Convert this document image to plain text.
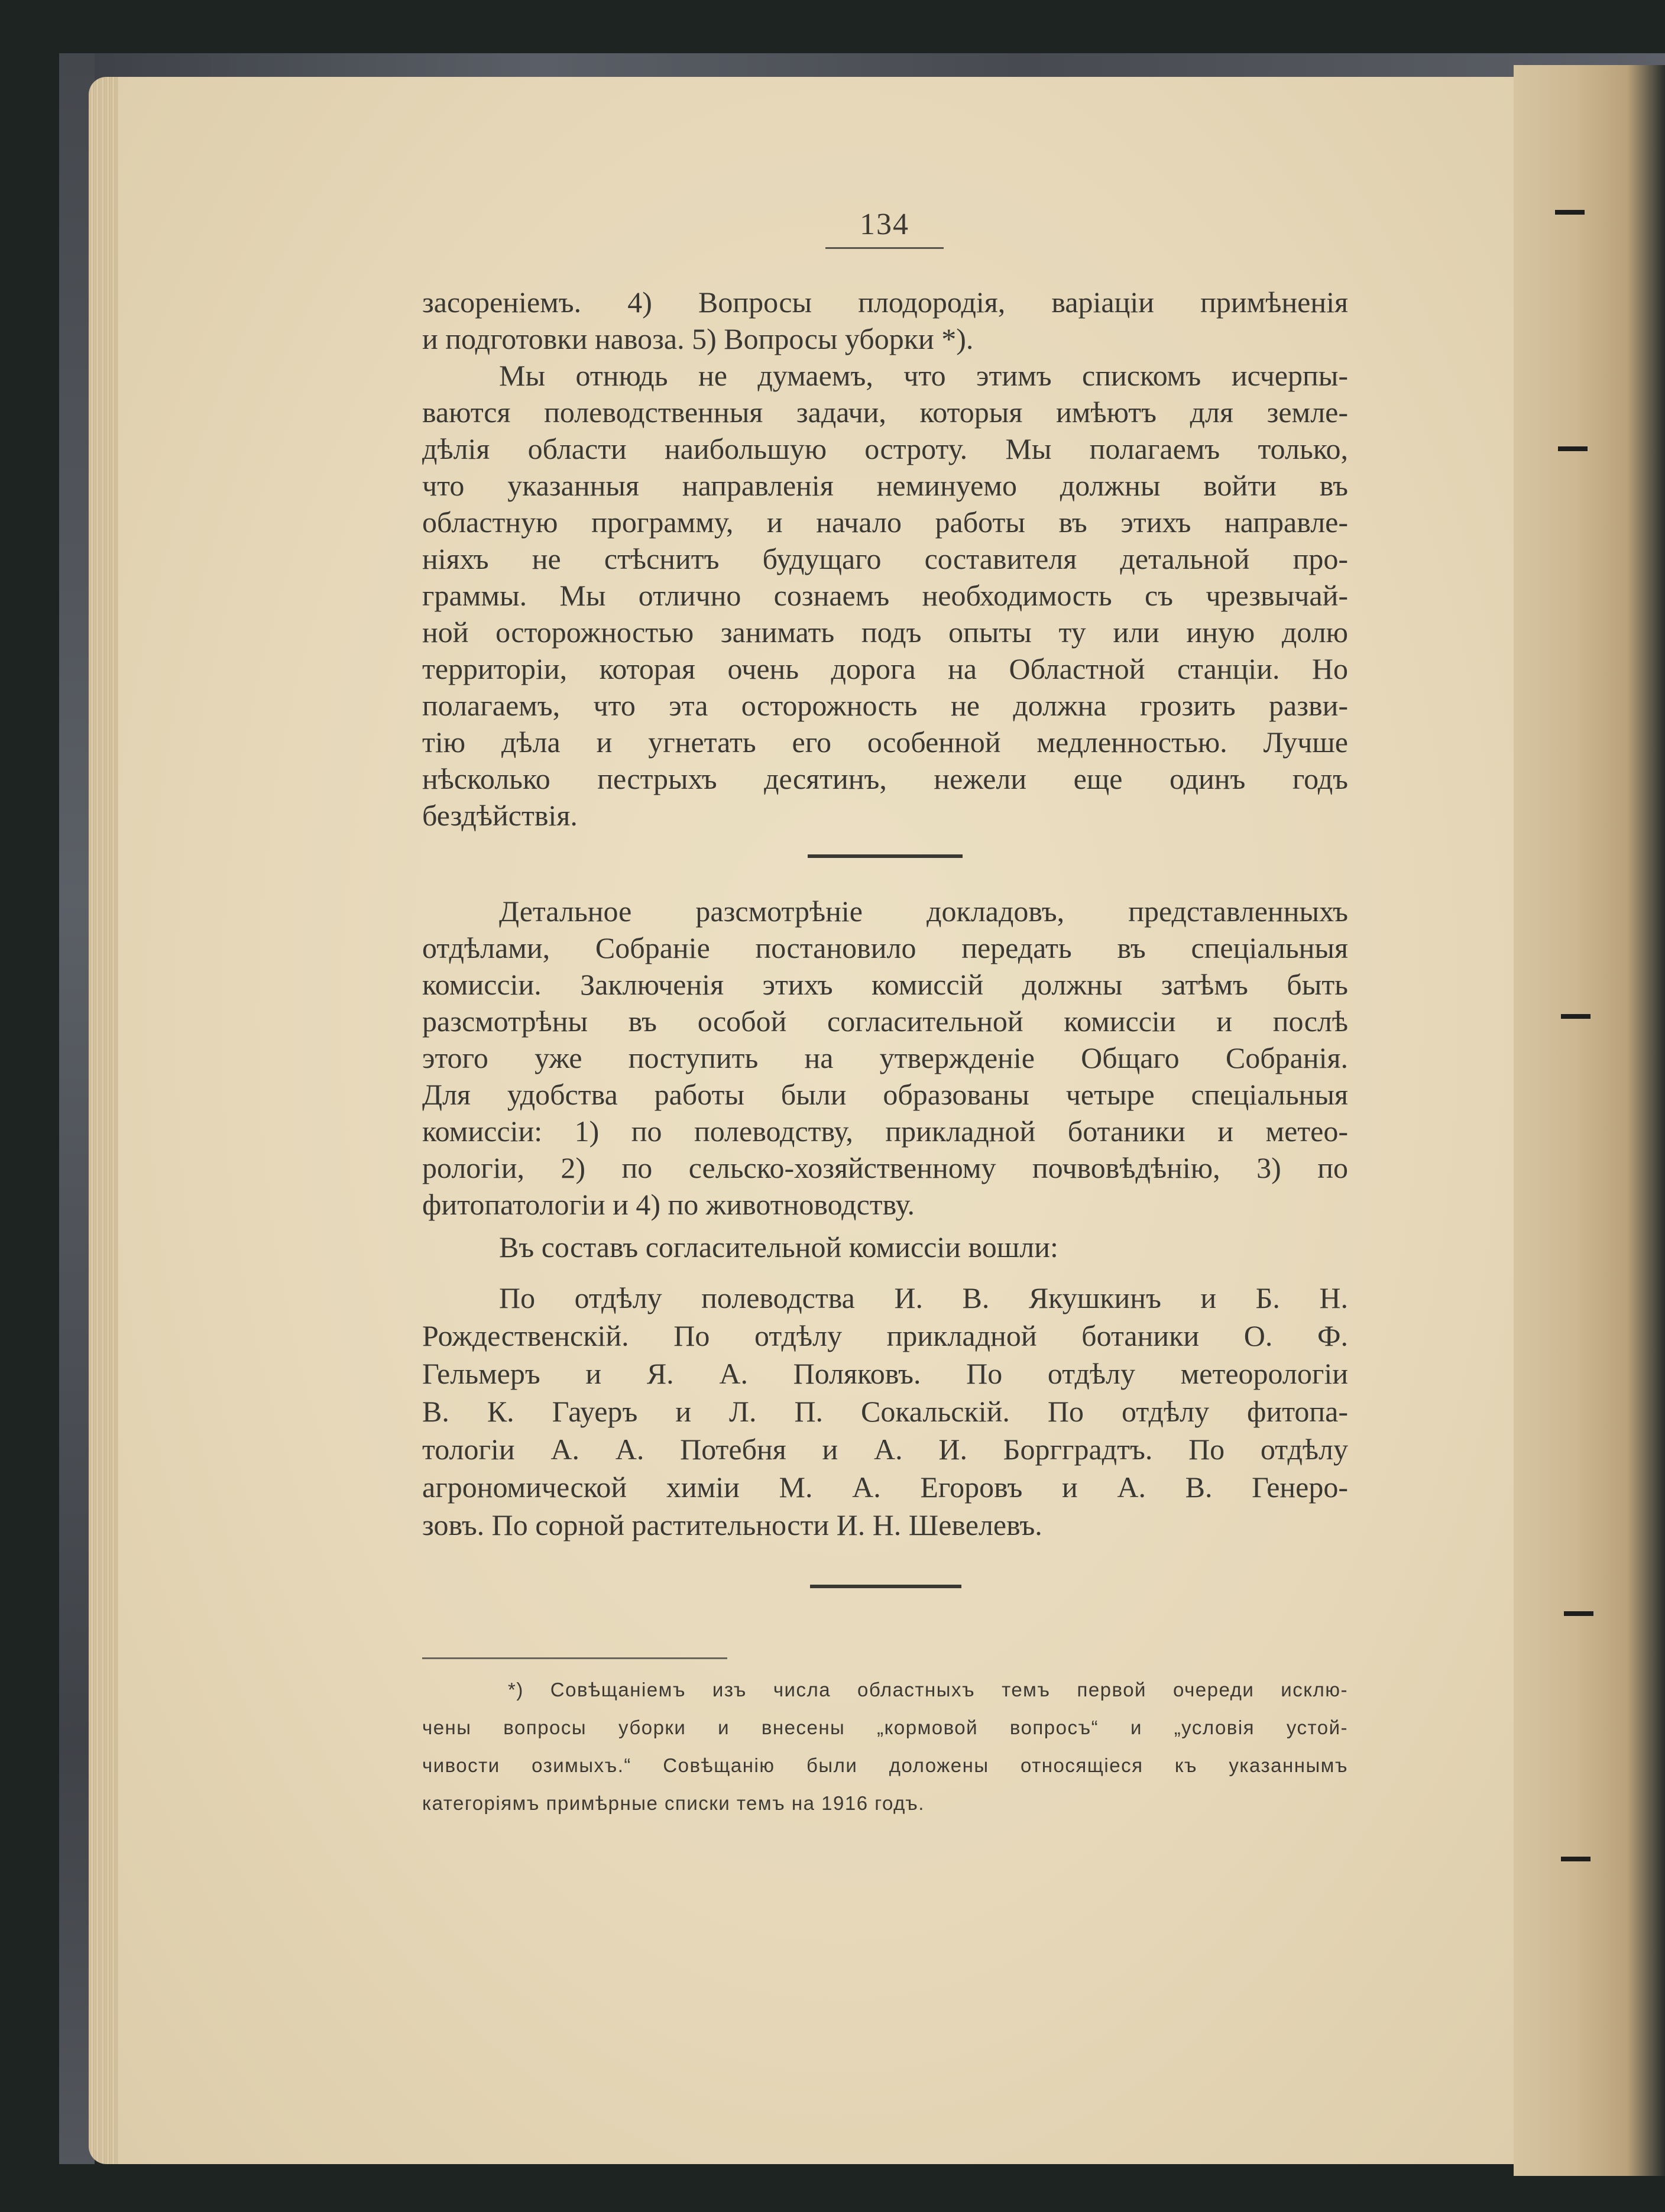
134
засоренiемъ. 4) Вопросы плодородiя, варiацiи примѣненiя
и подготовки навоза. 5) Вопросы уборки *).
Мы отнюдь не думаемъ, что этимъ спискомъ исчерпы-
ваются полеводственныя задачи, которыя имѣютъ для земле-
дѣлiя области наибольшую остроту. Мы полагаемъ только,
что указанныя направленiя неминуемо должны войти въ
областную программу, и начало работы въ этихъ направле-
нiяхъ не стѣснитъ будущаго составителя детальной про-
граммы. Мы отлично сознаемъ необходимость съ чрезвычай-
ной осторожностью занимать подъ опыты ту или иную долю
территорiи, которая очень дорога на Областной станцiи. Но
полагаемъ, что эта осторожность не должна грозить разви-
тiю дѣла и угнетать его особенной медленностью. Лучше
нѣсколько пестрыхъ десятинъ, нежели еще одинъ годъ
бездѣйствiя.
Детальное разсмотрѣнiе докладовъ, представленныхъ
отдѣлами, Собранiе постановило передать въ спецiальныя
комиссiи. Заключенiя этихъ комиссiй должны затѣмъ быть
разсмотрѣны въ особой согласительной комиссiи и послѣ
этого уже поступить на утвержденiе Общаго Собранiя.
Для удобства работы были образованы четыре спецiальныя
комиссiи: 1) по полеводству, прикладной ботаники и метео-
рологiи, 2) по сельско-хозяйственному почвовѣдѣнiю, 3) по
фитопатологiи и 4) по животноводству.
Въ составъ согласительной комиссiи вошли:
По отдѣлу полеводства И. В. Якушкинъ и Б. Н.
Рождественскiй. По отдѣлу прикладной ботаники О. Ф.
Гельмеръ и Я. А. Поляковъ. По отдѣлу метеорологiи
В. К. Гауеръ и Л. П. Сокальскiй. По отдѣлу фитопа-
тологiи А. А. Потебня и А. И. Боргградтъ. По отдѣлу
агрономической химiи М. А. Егоровъ и А. В. Генеро-
зовъ. По сорной растительности И. Н. Шевелевъ.
*) Совѣщанiемъ изъ числа областныхъ темъ первой очереди исклю-
чены вопросы уборки и внесены „кормовой вопросъ“ и „условiя устой-
чивости озимыхъ.“ Совѣщанiю были доложены относящiеся къ указаннымъ
категорiямъ примѣрные списки темъ на 1916 годъ.
